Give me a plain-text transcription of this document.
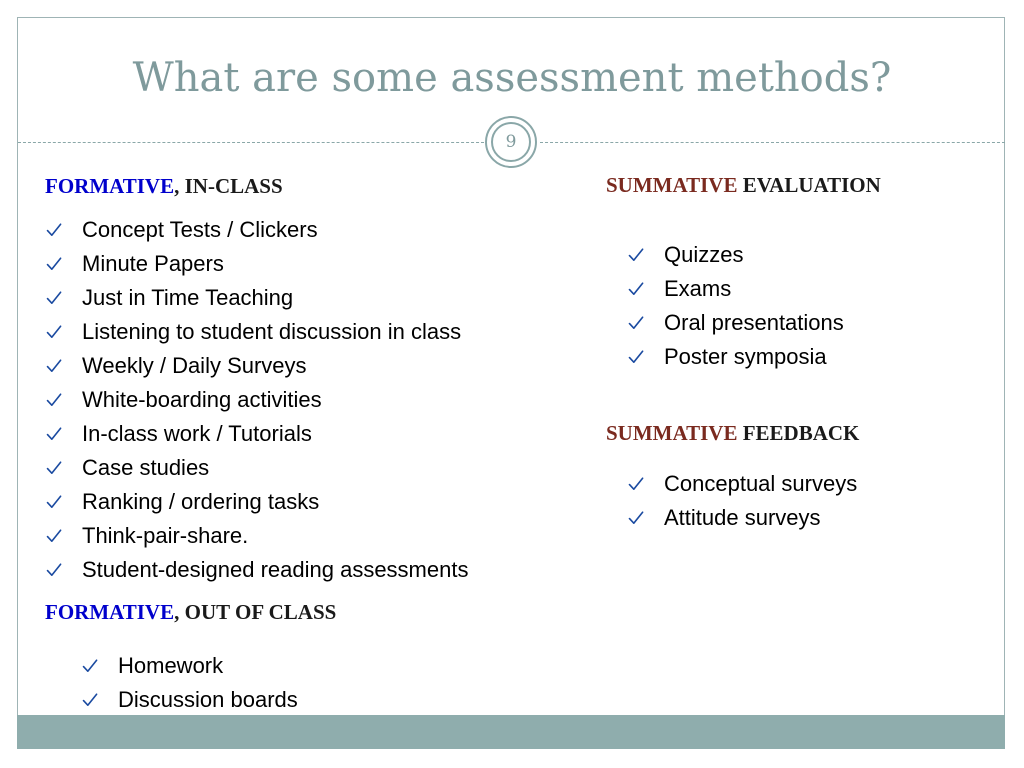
What are some assessment methods?
9
FORMATIVE, IN-CLASS
Concept Tests / Clickers
Minute Papers
Just in Time Teaching
Listening to student discussion in class
Weekly / Daily Surveys
White-boarding activities
In-class work / Tutorials
Case studies
Ranking / ordering tasks
Think-pair-share.
Student-designed reading assessments
FORMATIVE, OUT OF CLASS
Homework
Discussion boards
SUMMATIVE EVALUATION
Quizzes
Exams
Oral presentations
Poster symposia
SUMMATIVE FEEDBACK
Conceptual surveys
Attitude surveys
